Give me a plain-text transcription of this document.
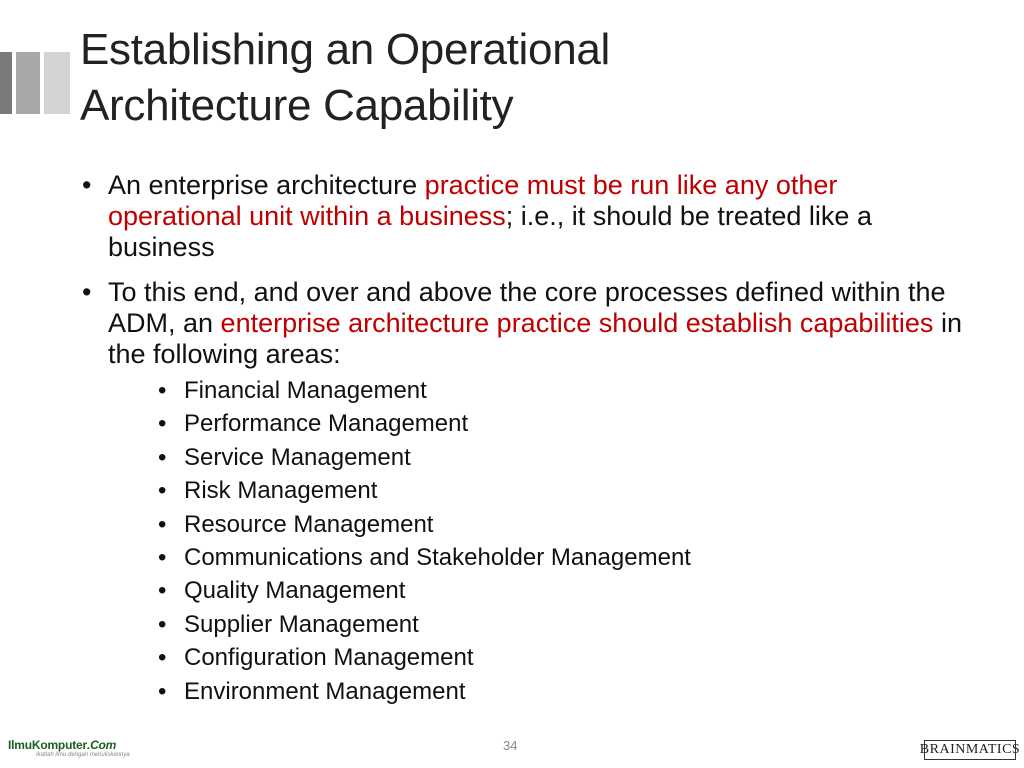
Establishing an Operational
Architecture Capability
• An enterprise architecture practice must be run like any other operational unit within a business; i.e., it should be treated like a business
• To this end, and over and above the core processes defined within the ADM, an enterprise architecture practice should establish capabilities in the following areas:
• Financial Management
• Performance Management
• Service Management
• Risk Management
• Resource Management
• Communications and Stakeholder Management
• Quality Management
• Supplier Management
• Configuration Management
• Environment Management
IlmuKomputer.Com
Ikatlah ilmu dengan menuliskannya
34	BRAINMATICS
